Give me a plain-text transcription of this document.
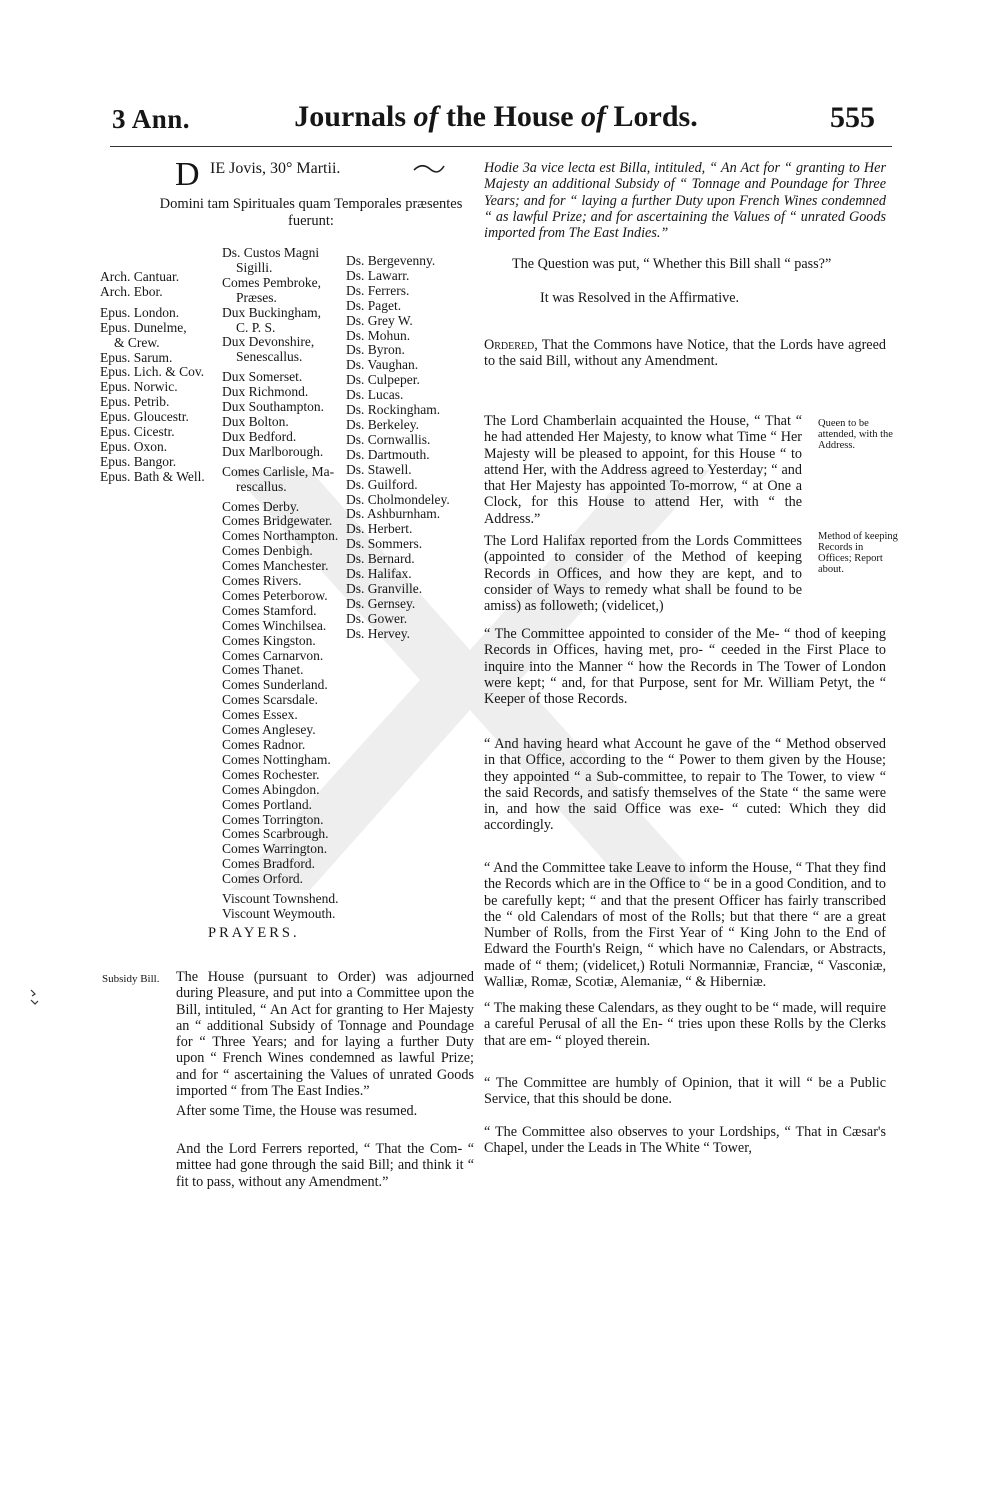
3 Ann.	Journals of the House of Lords.	555
D IE Jovis, 30° Martii.
Domini tam Spirituales quam Temporales præsentes fuerunt:
Arch. Cantuar.
Arch. Ebor.

Epus. London.
Epus. Dunelme,
& Crew.
Epus. Sarum.
Epus. Lich. & Cov.
Epus. Norwic.
Epus. Petrib.
Epus. Gloucestr.
Epus. Cicestr.
Epus. Oxon.
Epus. Bangor.
Epus. Bath & Well.
Ds. Custos Magni
Sigilli.
Comes Pembroke,
Præses.
Dux Buckingham,
C. P. S.
Dux Devonshire,
Senescallus.
Dux Somerset.
Dux Richmond.
Dux Southampton.
Dux Bolton.
Dux Bedford.
Dux Marlborough.
Comes Carlisle, Ma-
rescallus.
Comes Derby.
Comes Bridgewater.
Comes Northampton.
Comes Denbigh.
Comes Manchester.
Comes Rivers.
Comes Peterborow.
Comes Stamford.
Comes Winchilsea.
Comes Kingston.
Comes Carnarvon.
Comes Thanet.
Comes Sunderland.
Comes Scarsdale.
Comes Essex.
Comes Anglesey.
Comes Radnor.
Comes Nottingham.
Comes Rochester.
Comes Abingdon.
Comes Portland.
Comes Torrington.
Comes Scarbrough.
Comes Warrington.
Comes Bradford.
Comes Orford.
Viscount Townshend.
Viscount Weymouth.
Ds. Bergevenny.
Ds. Lawarr.
Ds. Ferrers.
Ds. Paget.
Ds. Grey W.
Ds. Mohun.
Ds. Byron.
Ds. Vaughan.
Ds. Culpeper.
Ds. Lucas.
Ds. Rockingham.
Ds. Berkeley.
Ds. Cornwallis.
Ds. Dartmouth.
Ds. Stawell.
Ds. Guilford.
Ds. Cholmondeley.
Ds. Ashburnham.
Ds. Herbert.
Ds. Sommers.
Ds. Bernard.
Ds. Halifax.
Ds. Granville.
Ds. Gernsey.
Ds. Gower.
Ds. Hervey.
PRAYERS.
Subsidy Bill. The House (pursuant to Order) was adjourned during Pleasure, and put into a Committee upon the Bill, intituled, “ An Act for granting to Her Majesty an “ additional Subsidy of Tonnage and Poundage for “ Three Years; and for laying a further Duty upon “ French Wines condemned as lawful Prize; and for “ ascertaining the Values of unrated Goods imported “ from The East Indies.”
After some Time, the House was resumed.
And the Lord Ferrers reported, “ That the Com- “ mittee had gone through the said Bill; and think it “ fit to pass, without any Amendment.”
Hodie 3a vice lecta est Billa, intituled, “ An Act for “ granting to Her Majesty an additional Subsidy of “ Tonnage and Poundage for Three Years; and for “ laying a further Duty upon French Wines condemned “ as lawful Prize; and for ascertaining the Values of “ unrated Goods imported from The East Indies.”
The Question was put, “ Whether this Bill shall “ pass?”
It was Resolved in the Affirmative.
Ordered, That the Commons have Notice, that the Lords have agreed to the said Bill, without any Amendment.
The Lord Chamberlain acquainted the House, “ That “ he had attended Her Majesty, to know what Time “ Her Majesty will be pleased to appoint, for this House “ to attend Her, with the Address agreed to Yesterday; “ and that Her Majesty has appointed To-morrow, “ at One a Clock, for this House to attend Her, with “ the Address.”
The Lord Halifax reported from the Lords Committees (appointed to consider of the Method of keeping Records in Offices, and how they are kept, and to consider of Ways to remedy what shall be found to be amiss) as followeth; (videlicet,)
“ The Committee appointed to consider of the Me- “ thod of keeping Records in Offices, having met, pro- “ ceeded in the First Place to inquire into the Manner “ how the Records in The Tower of London were kept; “ and, for that Purpose, sent for Mr. William Petyt, the “ Keeper of those Records.
“ And having heard what Account he gave of the “ Method observed in that Office, according to the “ Power to them given by the House; they appointed “ a Sub-committee, to repair to The Tower, to view “ the said Records, and satisfy themselves of the State “ the same were in, and how the said Office was exe- “ cuted: Which they did accordingly.
“ And the Committee take Leave to inform the House, “ That they find the Records which are in the Office to “ be in a good Condition, and to be carefully kept; “ and that the present Officer has fairly transcribed the “ old Calendars of most of the Rolls; but that there “ are a great Number of Rolls, from the First Year of “ King John to the End of Edward the Fourth's Reign, “ which have no Calendars, or Abstracts, made of “ them; (videlicet,) Rotuli Normanniæ, Franciæ, “ Vasconiæ, Walliæ, Romæ, Scotiæ, Alemaniæ, “ & Hiberniæ.
“ The making these Calendars, as they ought to be “ made, will require a careful Perusal of all the En- “ tries upon these Rolls by the Clerks that are em- “ ployed therein.
“ The Committee are humbly of Opinion, that it will “ be a Public Service, that this should be done.
“ The Committee also observes to your Lordships, “ That in Cæsar's Chapel, under the Leads in The White “ Tower,
Queen to be attended, with the Address.
Method of keeping Records in Offices; Report about.
